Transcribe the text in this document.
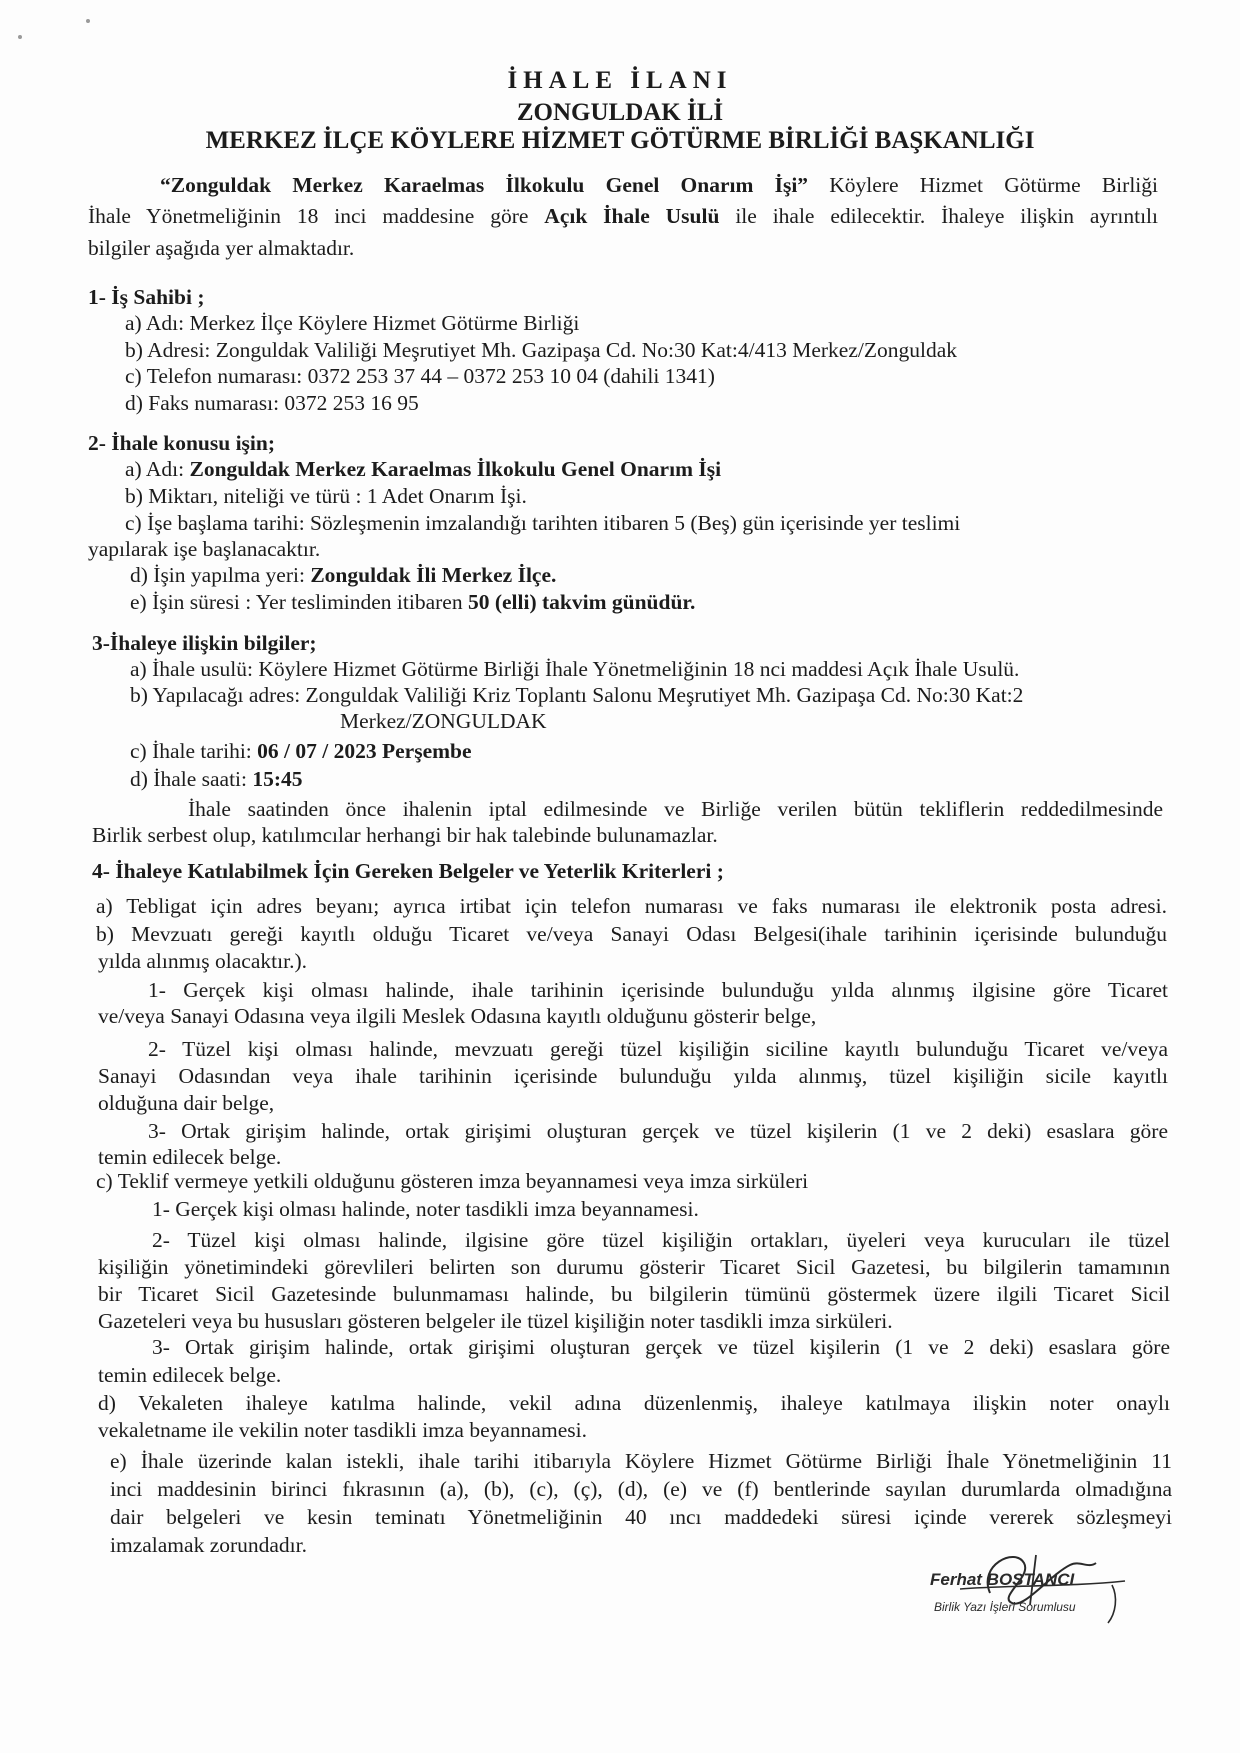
İHALE İLANI
ZONGULDAK İLİ
MERKEZ İLÇE KÖYLERE HİZMET GÖTÜRME BİRLİĞİ BAŞKANLIĞI
“Zonguldak Merkez Karaelmas İlkokulu Genel Onarım İşi” Köylere Hizmet Götürme Birliği
İhale Yönetmeliğinin 18 inci maddesine göre Açık İhale Usulü ile ihale edilecektir. İhaleye ilişkin ayrıntılı
bilgiler aşağıda yer almaktadır.
1- İş Sahibi ;
a) Adı: Merkez İlçe Köylere Hizmet Götürme Birliği
b) Adresi: Zonguldak Valiliği Meşrutiyet Mh. Gazipaşa Cd. No:30 Kat:4/413 Merkez/Zonguldak
c) Telefon numarası: 0372 253 37 44 – 0372 253 10 04 (dahili 1341)
d) Faks numarası: 0372 253 16 95
2- İhale konusu işin;
a) Adı: Zonguldak Merkez Karaelmas İlkokulu Genel Onarım İşi
b) Miktarı, niteliği ve türü : 1 Adet Onarım İşi.
c) İşe başlama tarihi: Sözleşmenin imzalandığı tarihten itibaren 5 (Beş) gün içerisinde yer teslimi
yapılarak işe başlanacaktır.
d) İşin yapılma yeri: Zonguldak İli Merkez İlçe.
e) İşin süresi : Yer tesliminden itibaren 50 (elli) takvim günüdür.
3-İhaleye ilişkin bilgiler;
a) İhale usulü: Köylere Hizmet Götürme Birliği İhale Yönetmeliğinin 18 nci maddesi Açık İhale Usulü.
b) Yapılacağı adres: Zonguldak Valiliği Kriz Toplantı Salonu Meşrutiyet Mh. Gazipaşa Cd. No:30 Kat:2
Merkez/ZONGULDAK
c) İhale tarihi: 06 / 07 / 2023 Perşembe
d) İhale saati: 15:45
İhale saatinden önce ihalenin iptal edilmesinde ve Birliğe verilen bütün tekliflerin reddedilmesinde
Birlik serbest olup, katılımcılar herhangi bir hak talebinde bulunamazlar.
4- İhaleye Katılabilmek İçin Gereken Belgeler ve Yeterlik Kriterleri ;
a) Tebligat için adres beyanı; ayrıca irtibat için telefon numarası ve faks numarası ile elektronik posta adresi.
b) Mevzuatı gereği kayıtlı olduğu Ticaret ve/veya Sanayi Odası Belgesi(ihale tarihinin içerisinde bulunduğu
yılda alınmış olacaktır.).
1- Gerçek kişi olması halinde, ihale tarihinin içerisinde bulunduğu yılda alınmış ilgisine göre Ticaret
ve/veya Sanayi Odasına veya ilgili Meslek Odasına kayıtlı olduğunu gösterir belge,
2- Tüzel kişi olması halinde, mevzuatı gereği tüzel kişiliğin siciline kayıtlı bulunduğu Ticaret ve/veya
Sanayi Odasından veya ihale tarihinin içerisinde bulunduğu yılda alınmış, tüzel kişiliğin sicile kayıtlı
olduğuna dair belge,
3- Ortak girişim halinde, ortak girişimi oluşturan gerçek ve tüzel kişilerin (1 ve 2 deki) esaslara göre
temin edilecek belge.
c) Teklif vermeye yetkili olduğunu gösteren imza beyannamesi veya imza sirküleri
1- Gerçek kişi olması halinde, noter tasdikli imza beyannamesi.
2- Tüzel kişi olması halinde, ilgisine göre tüzel kişiliğin ortakları, üyeleri veya kurucuları ile tüzel
kişiliğin yönetimindeki görevlileri belirten son durumu gösterir Ticaret Sicil Gazetesi, bu bilgilerin tamamının
bir Ticaret Sicil Gazetesinde bulunmaması halinde, bu bilgilerin tümünü göstermek üzere ilgili Ticaret Sicil
Gazeteleri veya bu hususları gösteren belgeler ile tüzel kişiliğin noter tasdikli imza sirküleri.
3- Ortak girişim halinde, ortak girişimi oluşturan gerçek ve tüzel kişilerin (1 ve 2 deki) esaslara göre
temin edilecek belge.
d) Vekaleten ihaleye katılma halinde, vekil adına düzenlenmiş, ihaleye katılmaya ilişkin noter onaylı
vekaletname ile vekilin noter tasdikli imza beyannamesi.
e) İhale üzerinde kalan istekli, ihale tarihi itibarıyla Köylere Hizmet Götürme Birliği İhale Yönetmeliğinin 11
inci maddesinin birinci fıkrasının (a), (b), (c), (ç), (d), (e) ve (f) bentlerinde sayılan durumlarda olmadığına
dair belgeleri ve kesin teminatı Yönetmeliğinin 40 ıncı maddedeki süresi içinde vererek sözleşmeyi
imzalamak zorundadır.
Ferhat BOSTANCI
Birlik Yazı İşleri Sorumlusu
